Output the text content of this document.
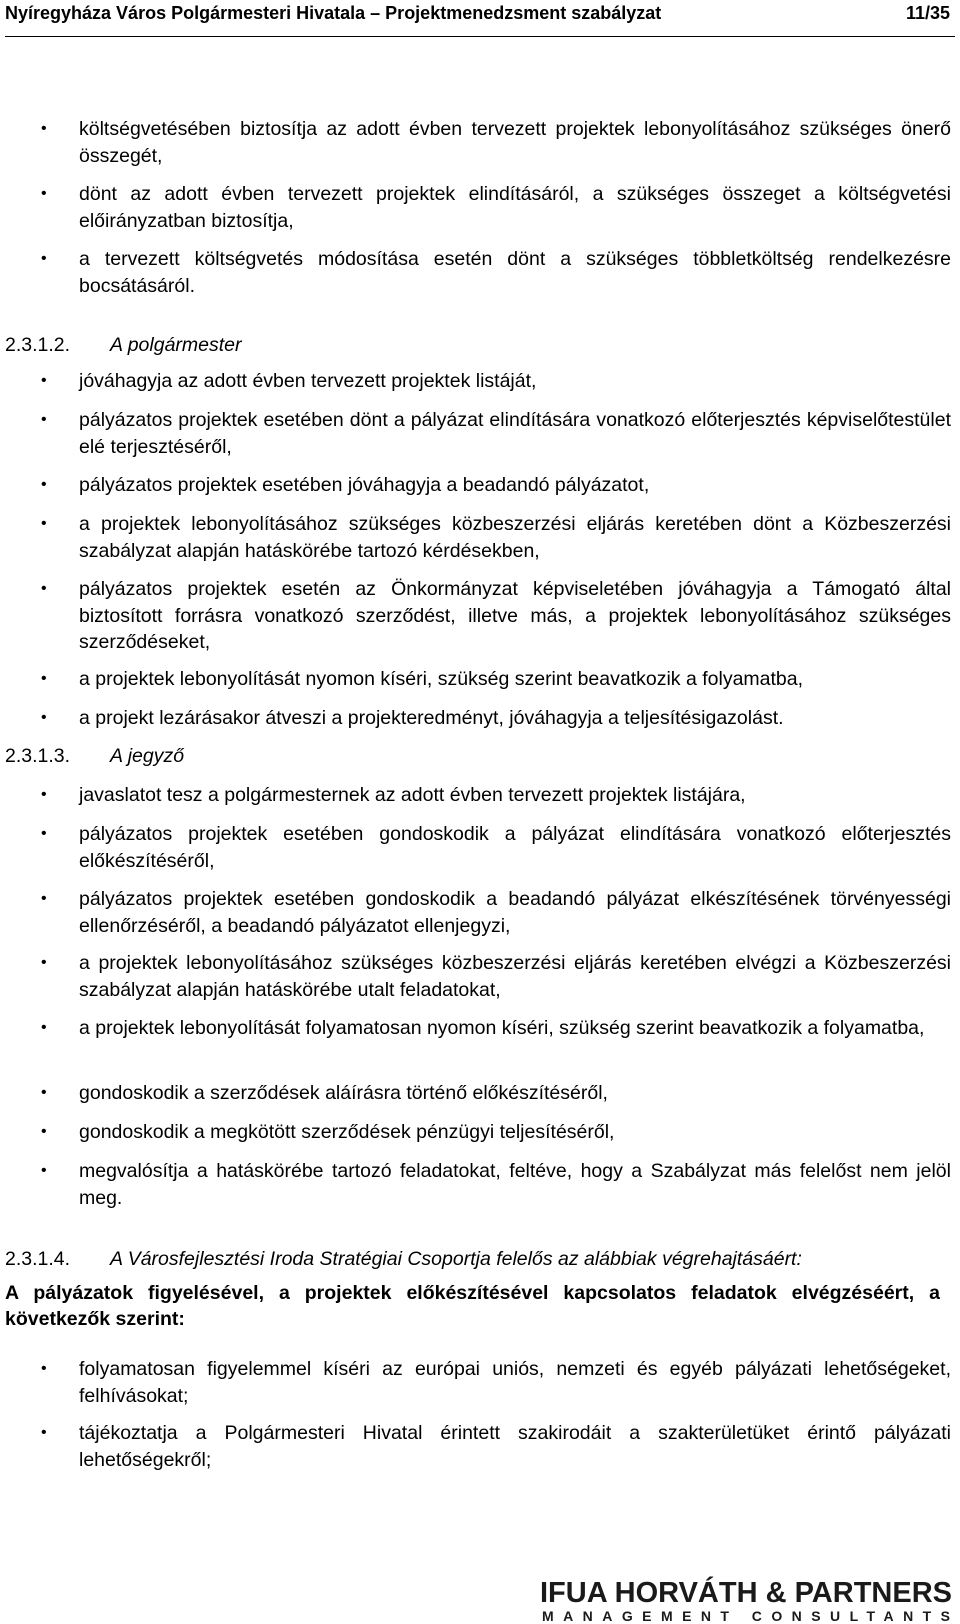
Nyíregyháza Város Polgármesteri Hivatala – Projektmenedzsment szabályzat	11/35
• költségvetésében biztosítja az adott évben tervezett projektek lebonyolításához szükséges önerő összegét,
• dönt az adott évben tervezett projektek elindításáról, a szükséges összeget a költségvetési előirányzatban biztosítja,
• a tervezett költségvetés módosítása esetén dönt a szükséges többletköltség rendelkezésre bocsátásáról.
2.3.1.2. A polgármester
• jóváhagyja az adott évben tervezett projektek listáját,
• pályázatos projektek esetében dönt a pályázat elindítására vonatkozó előterjesztés képviselőtestület elé terjesztéséről,
• pályázatos projektek esetében jóváhagyja a beadandó pályázatot,
• a projektek lebonyolításához szükséges közbeszerzési eljárás keretében dönt a Közbeszerzési szabályzat alapján hatáskörébe tartozó kérdésekben,
• pályázatos projektek esetén az Önkormányzat képviseletében jóváhagyja a Támogató által biztosított forrásra vonatkozó szerződést, illetve más, a projektek lebonyolításához szükséges szerződéseket,
• a projektek lebonyolítását nyomon kíséri, szükség szerint beavatkozik a folyamatba,
• a projekt lezárásakor átveszi a projekteredményt, jóváhagyja a teljesítésigazolást.
2.3.1.3. A jegyző
• javaslatot tesz a polgármesternek az adott évben tervezett projektek listájára,
• pályázatos projektek esetében gondoskodik a pályázat elindítására vonatkozó előterjesztés előkészítéséről,
• pályázatos projektek esetében gondoskodik a beadandó pályázat elkészítésének törvényességi ellenőrzéséről, a beadandó pályázatot ellenjegyzi,
• a projektek lebonyolításához szükséges közbeszerzési eljárás keretében elvégzi a Közbeszerzési szabályzat alapján hatáskörébe utalt feladatokat,
• a projektek lebonyolítását folyamatosan nyomon kíséri, szükség szerint beavatkozik a folyamatba,
• gondoskodik a szerződések aláírásra történő előkészítéséről,
• gondoskodik a megkötött szerződések pénzügyi teljesítéséről,
• megvalósítja a hatáskörébe tartozó feladatokat, feltéve, hogy a Szabályzat más felelőst nem jelöl meg.
2.3.1.4. A Városfejlesztési Iroda Stratégiai Csoportja felelős az alábbiak végrehajtásáért:
A pályázatok figyelésével, a projektek előkészítésével kapcsolatos feladatok elvégzéséért, a következők szerint:
• folyamatosan figyelemmel kíséri az európai uniós, nemzeti és egyéb pályázati lehetőségeket, felhívásokat;
• tájékoztatja a Polgármesteri Hivatal érintett szakirodáit a szakterületüket érintő pályázati lehetőségekről;
IFUA HORVÁTH & PARTNERS
MANAGEMENT CONSULTANTS
